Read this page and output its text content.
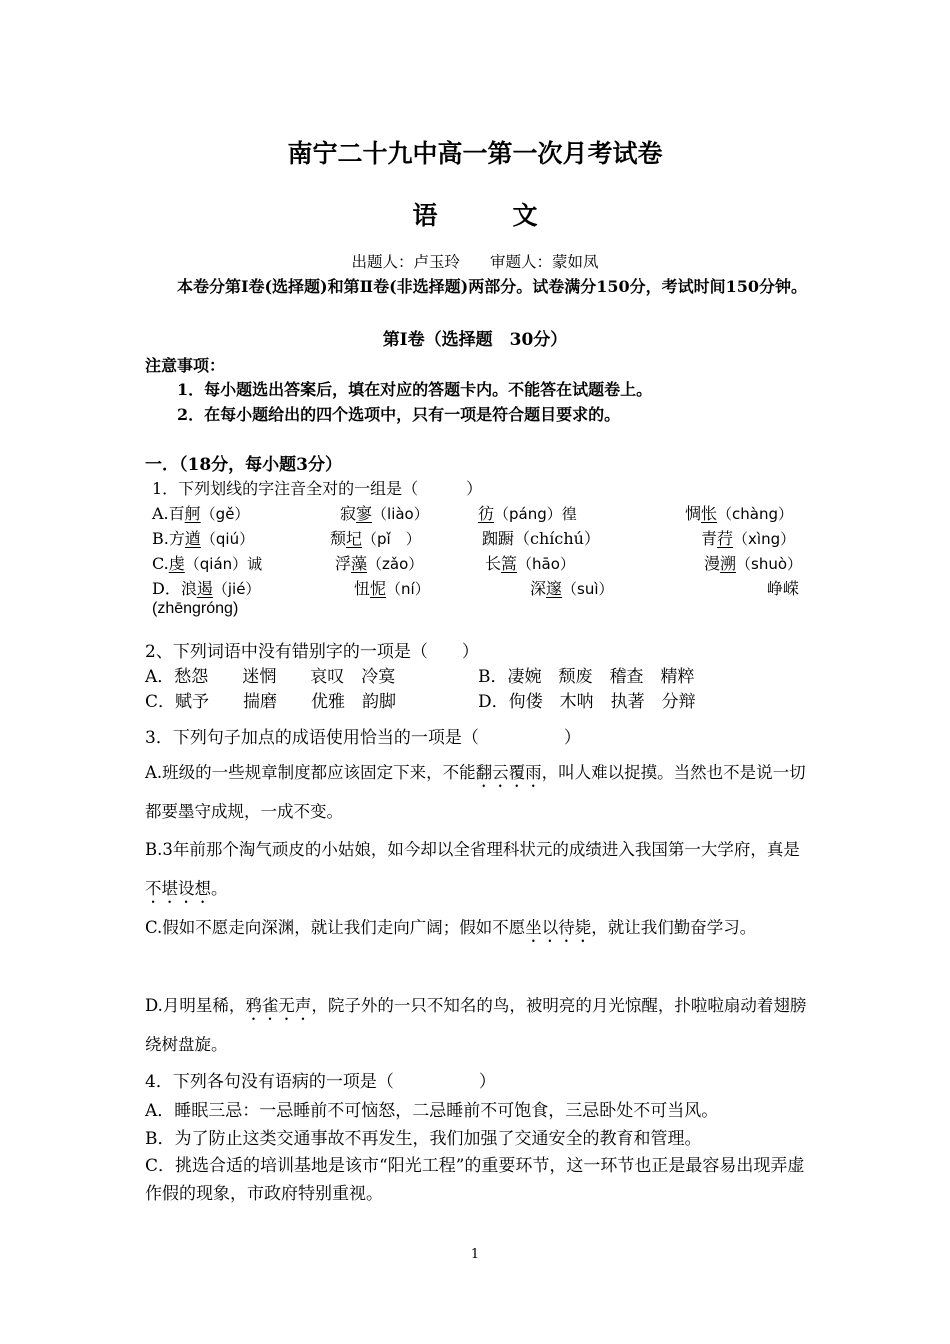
南宁二十九中高一第一次月考试卷
语　文
出题人：卢玉玲 审题人：蒙如凤
本卷分第Ⅰ卷(选择题)和第Ⅱ卷(非选择题)两部分。试卷满分150分，考试时间150分钟。
第Ⅰ卷（选择题　30分）
注意事项：
1．每小题选出答案后，填在对应的答题卡内。不能答在试题卷上。
2．在每小题给出的四个选项中，只有一项是符合题目要求的。
一．（18分，每小题3分）
1．下列划线的字注音全对的一组是（　　　）
A.百舸（gě）	寂寥（liào）	彷（páng）徨	惆怅（chàng）
B.方遒（qiú）	颓圮（pǐ　）	踟蹰（chíchú）	青荇（xìng）
C.虔（qián）诚	浮藻（zǎo）	长篙（hāo）	漫溯（shuò）
D．浪遏（jié）	忸怩（ní）	深邃（suì）	峥嵘
(zhēngróng)
2、下列词语中没有错别字的一项是（　　）
A．愁怨　　迷惘　　哀叹　冷寞	B．凄婉　颓废　稽查　精粹
C．赋予　　揣磨　　优雅　韵脚	D．佝偻　木呐　执著　分辩
3．下列句子加点的成语使用恰当的一项是（　　　　　）
A.班级的一些规章制度都应该固定下来，不能翻云覆雨，叫人难以捉摸。当然也不是说一切都要墨守成规，一成不变。
B.3年前那个淘气顽皮的小姑娘，如今却以全省理科状元的成绩进入我国第一大学府，真是不堪设想。
C.假如不愿走向深渊，就让我们走向广阔；假如不愿坐以待毙，就让我们勤奋学习。
D.月明星稀，鸦雀无声，院子外的一只不知名的鸟，被明亮的月光惊醒，扑啦啦扇动着翅膀绕树盘旋。
4．下列各句没有语病的一项是（　　　　　）
A．睡眠三忌：一忌睡前不可恼怒，二忌睡前不可饱食，三忌卧处不可当风。
B．为了防止这类交通事故不再发生，我们加强了交通安全的教育和管理。
C．挑选合适的培训基地是该市“阳光工程”的重要环节，这一环节也正是最容易出现弄虚作假的现象，市政府特别重视。
1
